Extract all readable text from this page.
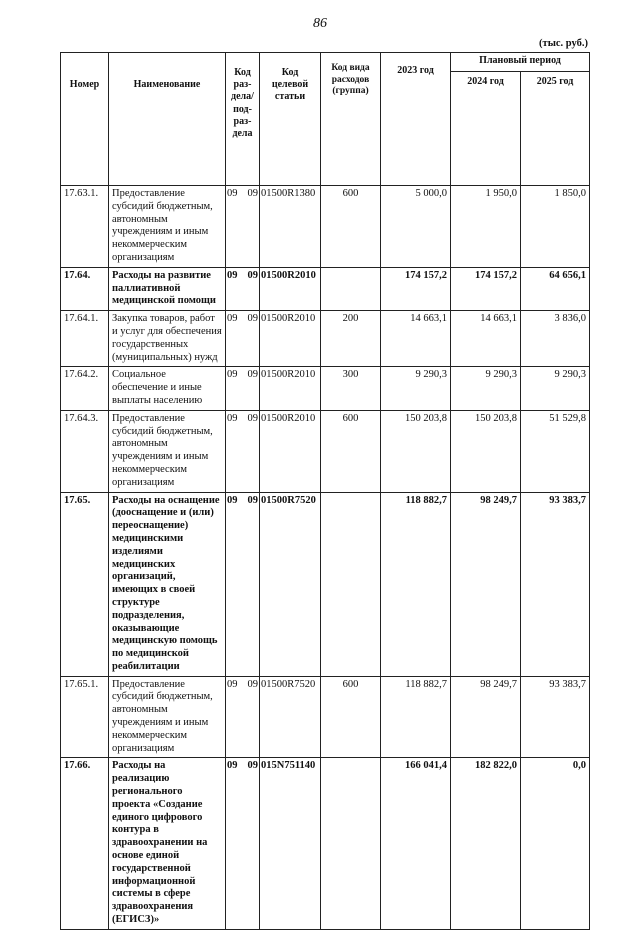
86
(тыс. руб.)
Номер	Наименование	Код раз-дела/ под-раз-дела	Код целевой статьи	Код вида расходов (группа)	2023 год	Плановый период	
						2024 год	2025 год
17.63.1.	Предоставление субсидий бюджетным, автономным учреждениям и иным некоммерческим организациям	09 09	01500R1380	600	5 000,0	1 950,0	1 850,0
17.64.	Расходы на развитие паллиативной медицинской помощи	09 09	01500R2010		174 157,2	174 157,2	64 656,1
17.64.1.	Закупка товаров, работ и услуг для обеспечения государственных (муниципальных) нужд	09 09	01500R2010	200	14 663,1	14 663,1	3 836,0
17.64.2.	Социальное обеспечение и иные выплаты населению	09 09	01500R2010	300	9 290,3	9 290,3	9 290,3
17.64.3.	Предоставление субсидий бюджетным, автономным учреждениям и иным некоммерческим организациям	09 09	01500R2010	600	150 203,8	150 203,8	51 529,8
17.65.	Расходы на оснащение (дооснащение и (или) переоснащение) медицинскими изделиями медицинских организаций, имеющих в своей структуре подразделения, оказывающие медицинскую помощь по медицинской реабилитации	09 09	01500R7520		118 882,7	98 249,7	93 383,7
17.65.1.	Предоставление субсидий бюджетным, автономным учреждениям и иным некоммерческим организациям	09 09	01500R7520	600	118 882,7	98 249,7	93 383,7
17.66.	Расходы на реализацию регионального проекта «Создание единого цифрового контура в здравоохранении на основе единой государственной информационной системы в сфере здравоохранения (ЕГИСЗ)»	09 09	015N751140		166 041,4	182 822,0	0,0
